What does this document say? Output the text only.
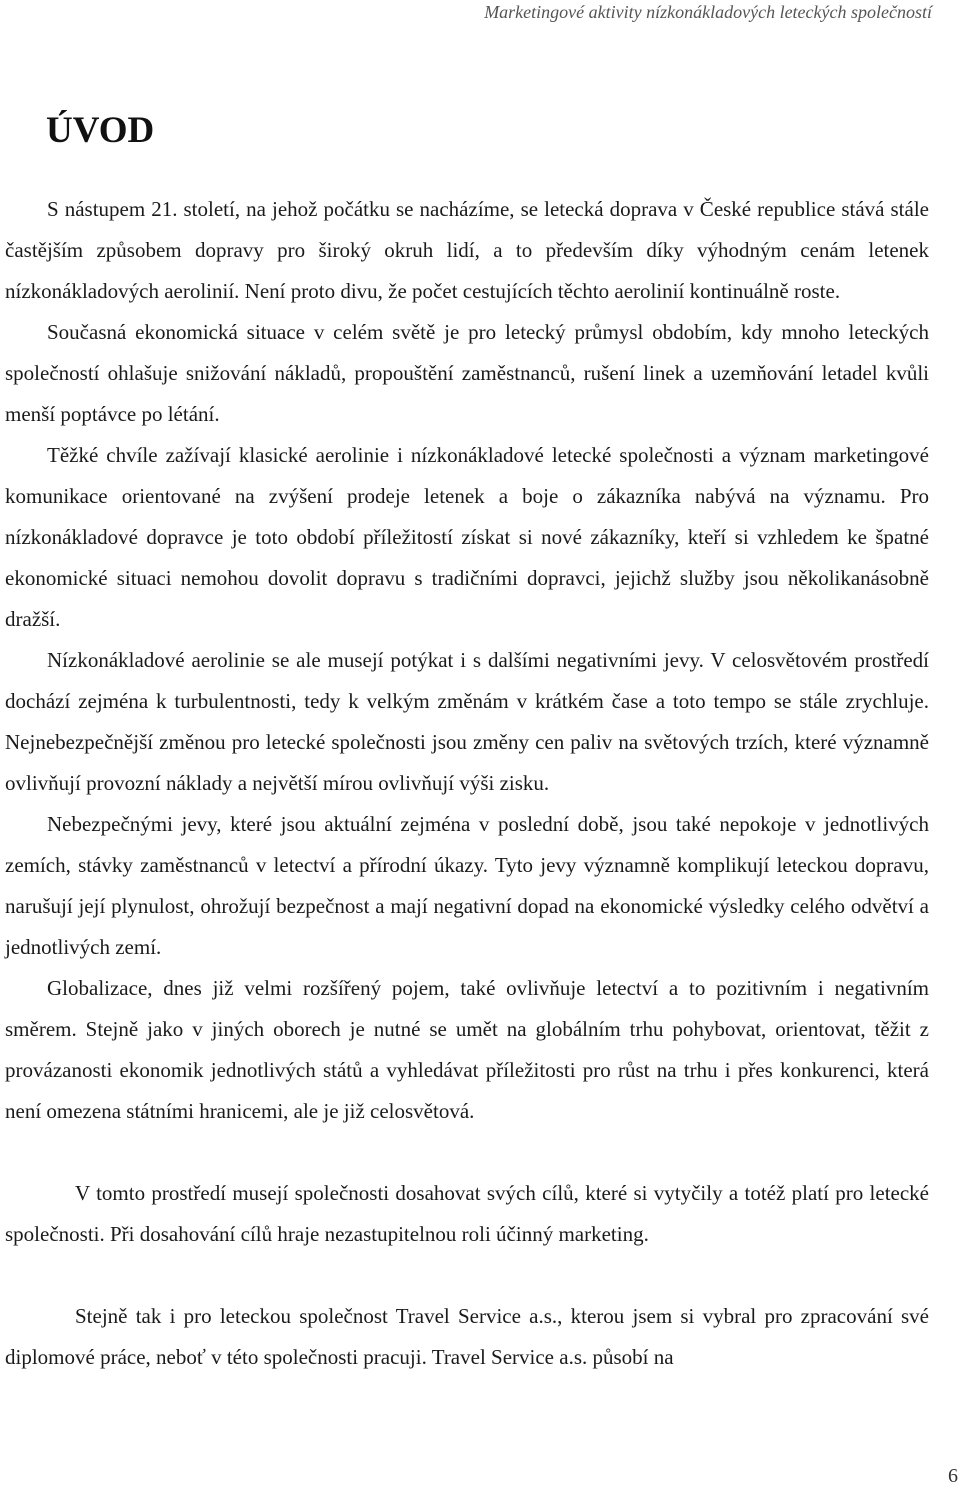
Marketingové aktivity nízkonákladových leteckých společností
ÚVOD

S nástupem 21. století, na jehož počátku se nacházíme, se letecká doprava v České republice stává stále častějším způsobem dopravy pro široký okruh lidí, a to především díky výhodným cenám letenek nízkonákladových aerolinií. Není proto divu, že počet cestujících těchto aerolinií kontinuálně roste.

Současná ekonomická situace v celém světě je pro letecký průmysl obdobím, kdy mnoho leteckých společností ohlašuje snižování nákladů, propouštění zaměstnanců, rušení linek a uzemňování letadel kvůli menší poptávce po létání.

Těžké chvíle zažívají klasické aerolinie i nízkonákladové letecké společnosti a význam marketingové komunikace orientované na zvýšení prodeje letenek a boje o zákazníka nabývá na významu. Pro nízkonákladové dopravce je toto období příležitostí získat si nové zákazníky, kteří si vzhledem ke špatné ekonomické situaci nemohou dovolit dopravu s tradičními dopravci, jejichž služby jsou několikanásobně dražší.

Nízkonákladové aerolinie se ale musejí potýkat i s dalšími negativními jevy. V celosvětovém prostředí dochází zejména k turbulentnosti, tedy k velkým změnám v krátkém čase a toto tempo se stále zrychluje. Nejnebezpečnější změnou pro letecké společnosti jsou změny cen paliv na světových trzích, které významně ovlivňují provozní náklady a největší mírou ovlivňují výši zisku.

Nebezpečnými jevy, které jsou aktuální zejména v poslední době, jsou také nepokoje v jednotlivých zemích, stávky zaměstnanců v letectví a přírodní úkazy. Tyto jevy významně komplikují leteckou dopravu, narušují její plynulost, ohrožují bezpečnost a mají negativní dopad na ekonomické výsledky celého odvětví a jednotlivých zemí.

Globalizace, dnes již velmi rozšířený pojem, také ovlivňuje letectví a to pozitivním i negativním směrem. Stejně jako v jiných oborech je nutné se umět na globálním trhu pohybovat, orientovat, těžit z provázanosti ekonomik jednotlivých států a vyhledávat příležitosti pro růst na trhu i přes konkurenci, která není omezena státními hranicemi, ale je již celosvětová.

V tomto prostředí musejí společnosti dosahovat svých cílů, které si vytyčily a totéž platí pro letecké společnosti. Při dosahování cílů hraje nezastupitelnou roli účinný marketing.

Stejně tak i pro leteckou společnost Travel Service a.s., kterou jsem si vybral pro zpracování své diplomové práce, neboť v této společnosti pracuji. Travel Service a.s. působí na

6
